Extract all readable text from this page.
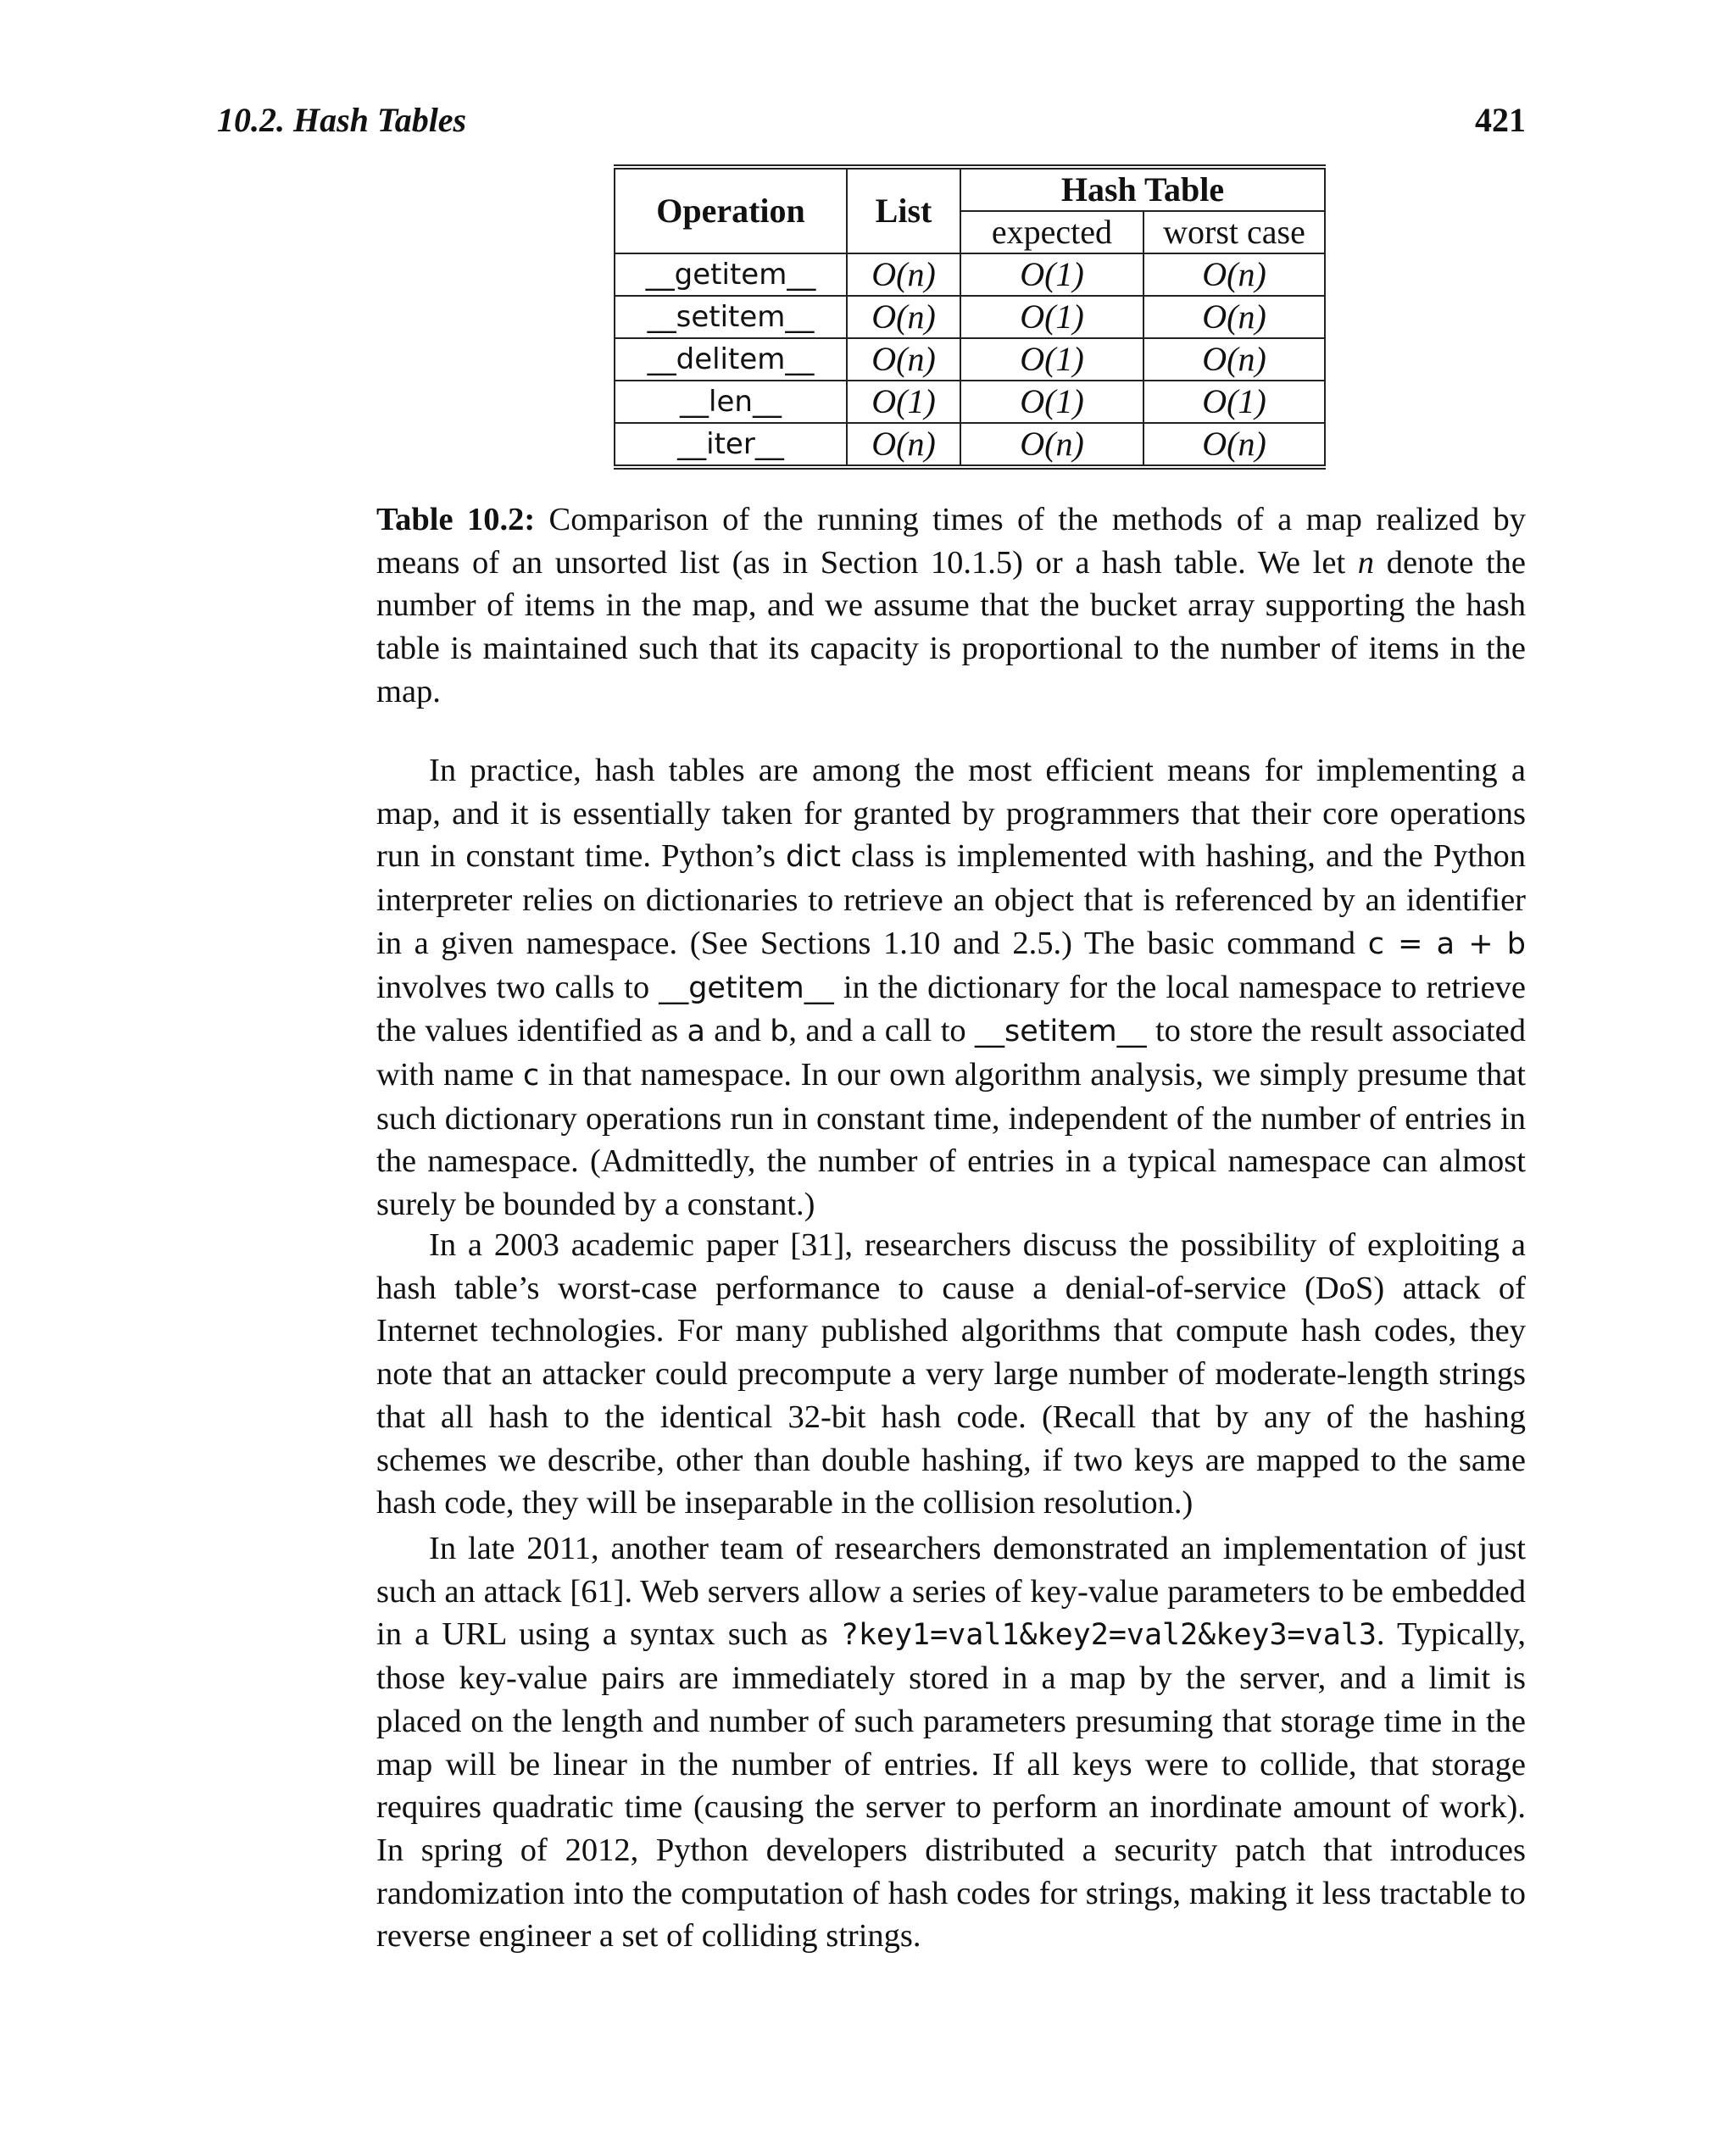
10.2. Hash Tables	421
Operation	List	Hash Table	
		expected	worst case
__getitem__	O(n)	O(1)	O(n)
__setitem__	O(n)	O(1)	O(n)
__delitem__	O(n)	O(1)	O(n)
__len__	O(1)	O(1)	O(1)
__iter__	O(n)	O(n)	O(n)
Table 10.2: Comparison of the running times of the methods of a map realized by means of an unsorted list (as in Section 10.1.5) or a hash table. We let n denote the number of items in the map, and we assume that the bucket array supporting the hash table is maintained such that its capacity is proportional to the number of items in the map.

In practice, hash tables are among the most efficient means for implementing a map, and it is essentially taken for granted by programmers that their core operations run in constant time. Python’s dict class is implemented with hashing, and the Python interpreter relies on dictionaries to retrieve an object that is referenced by an identifier in a given namespace. (See Sections 1.10 and 2.5.) The basic command c = a + b involves two calls to __getitem__ in the dictionary for the local namespace to retrieve the values identified as a and b, and a call to __setitem__ to store the result associated with name c in that namespace. In our own algorithm analysis, we simply presume that such dictionary operations run in constant time, independent of the number of entries in the namespace. (Admittedly, the number of entries in a typical namespace can almost surely be bounded by a constant.)

In a 2003 academic paper [31], researchers discuss the possibility of exploiting a hash table’s worst-case performance to cause a denial-of-service (DoS) attack of Internet technologies. For many published algorithms that compute hash codes, they note that an attacker could precompute a very large number of moderate-length strings that all hash to the identical 32-bit hash code. (Recall that by any of the hashing schemes we describe, other than double hashing, if two keys are mapped to the same hash code, they will be inseparable in the collision resolution.)

In late 2011, another team of researchers demonstrated an implementation of just such an attack [61]. Web servers allow a series of key-value parameters to be embedded in a URL using a syntax such as ?key1=val1&key2=val2&key3=val3. Typically, those key-value pairs are immediately stored in a map by the server, and a limit is placed on the length and number of such parameters presuming that storage time in the map will be linear in the number of entries. If all keys were to collide, that storage requires quadratic time (causing the server to perform an inordinate amount of work). In spring of 2012, Python developers distributed a security patch that introduces randomization into the computation of hash codes for strings, making it less tractable to reverse engineer a set of colliding strings.
